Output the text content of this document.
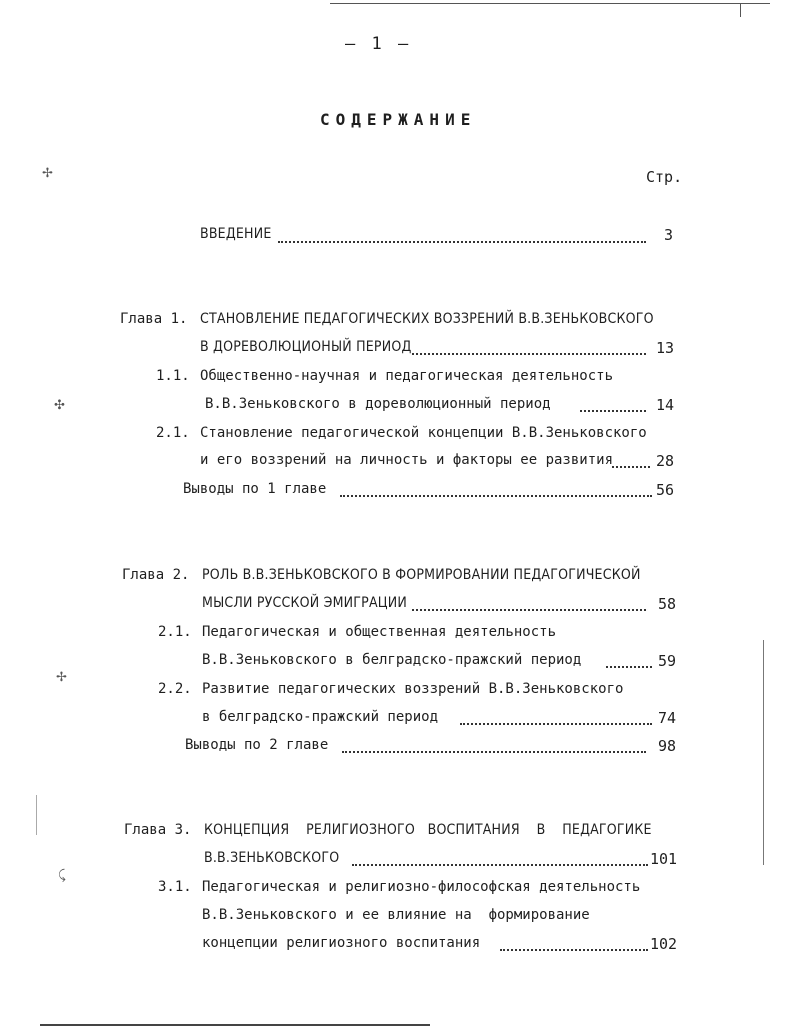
✢
✣
✢
⤹
– 1 –
СОДЕРЖАНИЕ
Стр.
ВВЕДЕНИЕ	3
Глава 1. СТАНОВЛЕНИЕ ПЕДАГОГИЧЕСКИХ ВОЗЗРЕНИЙ В.В.ЗЕНЬКОВСКОГО
В ДОРЕВОЛЮЦИОНЫЙ ПЕРИОД	13
1.1. Общественно-научная и педагогическая деятельность
В.В.Зеньковского в дореволюционный период	14
2.1. Становление педагогической концепции В.В.Зеньковского
и его воззрений на личность и факторы ее развития	28
Выводы по 1 главе	56
Глава 2. РОЛЬ В.В.ЗЕНЬКОВСКОГО В ФОРМИРОВАНИИ ПЕДАГОГИЧЕСКОЙ
МЫСЛИ РУССКОЙ ЭМИГРАЦИИ	58
2.1. Педагогическая и общественная деятельность
В.В.Зеньковского в белградско-пражский период	59
2.2. Развитие педагогических воззрений В.В.Зеньковского
в белградско-пражский период	74
Выводы по 2 главе	98
Глава 3. КОНЦЕПЦИЯ    РЕЛИГИОЗНОГО   ВОСПИТАНИЯ    В    ПЕДАГОГИКЕ
В.В.ЗЕНЬКОВСКОГО	101
3.1. Педагогическая и религиозно-философская деятельность
В.В.Зеньковского и ее влияние на  формирование
концепции религиозного воспитания	102
